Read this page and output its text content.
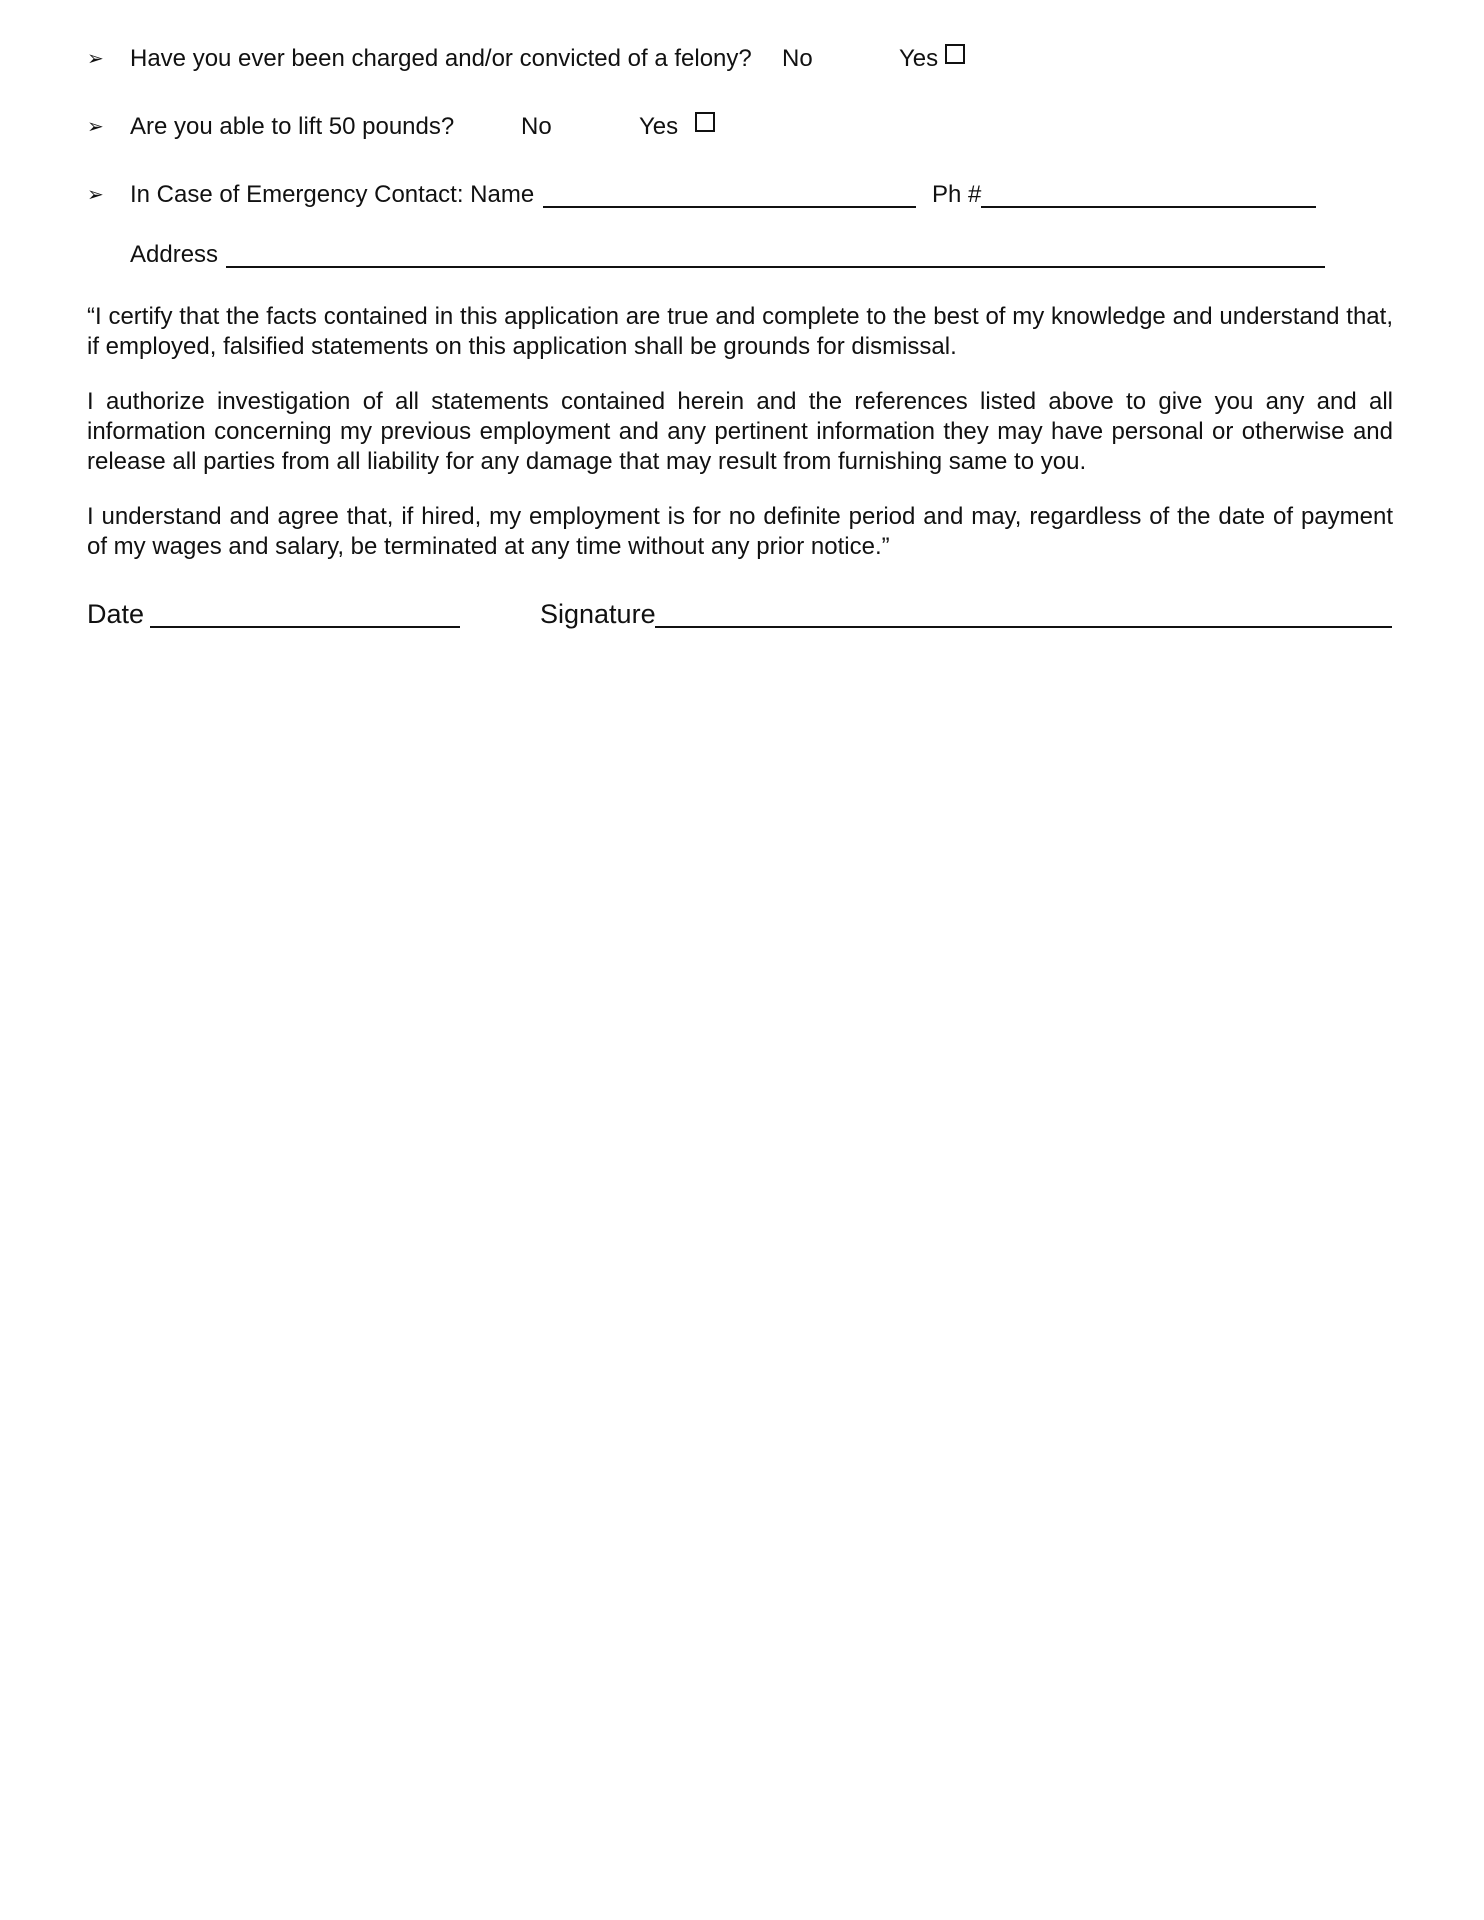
➢ Have you ever been charged and/or convicted of a felony? No	Yes
➢ Are you able to lift 50 pounds?	No	Yes
➢ In Case of Emergency Contact: Name	Ph #
Address
“I certify that the facts contained in this application are true and complete to the best of my knowledge and understand that, if employed, falsified statements on this application shall be grounds for dismissal.
I authorize investigation of all statements contained herein and the references listed above to give you any and all information concerning my previous employment and any pertinent information they may have personal or otherwise and release all parties from all liability for any damage that may result from furnishing same to you.
I understand and agree that, if hired, my employment is for no definite period and may, regardless of the date of payment of my wages and salary, be terminated at any time without any prior notice.”
Date	Signature
